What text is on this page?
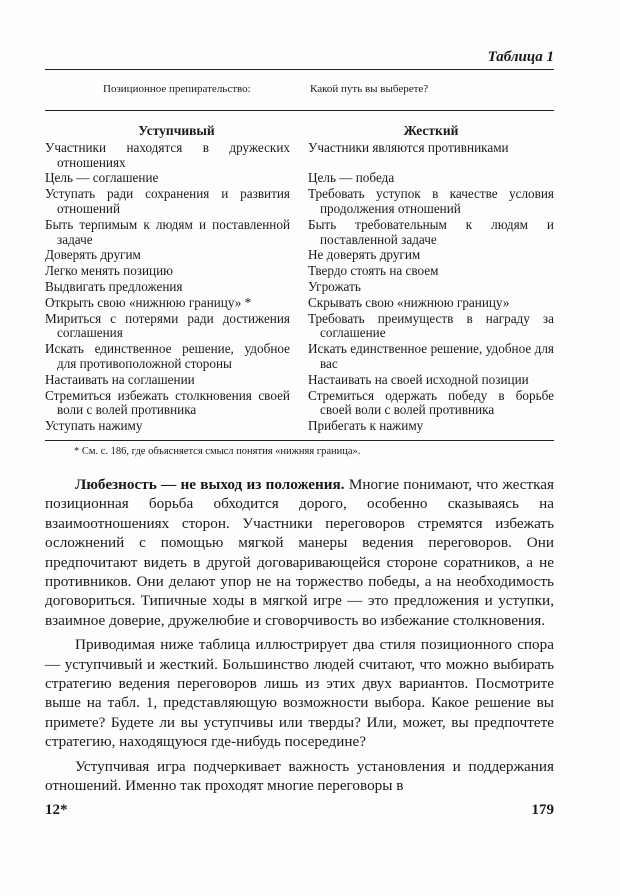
Таблица 1
Позиционное препирательство:	Какой путь вы выберете?
Уступчивый	Жесткий

Участники находятся в дружеских отношениях	Участники являются противниками

Цель — соглашение	Цель — победа

Уступать ради сохранения и развития отношений	Требовать уступок в качестве условия продолжения отношений

Быть терпимым к людям и поставленной задаче	Быть требовательным к людям и поставленной задаче

Доверять другим	Не доверять другим

Легко менять позицию	Твердо стоять на своем

Выдвигать предложения	Угрожать

Открыть свою «нижнюю границу» *	Скрывать свою «нижнюю границу»

Мириться с потерями ради достижения соглашения	Требовать преимуществ в награду за соглашение

Искать единственное решение, удобное для противоположной стороны	Искать единственное решение, удобное для вас

Настаивать на соглашении	Настаивать на своей исходной позиции

Стремиться избежать столкновения своей воли с волей противника	Стремиться одержать победу в борьбе своей воли с волей противника

Уступать нажиму	Прибегать к нажиму
* См. с. 186, где объясняется смысл понятия «нижняя граница».

Любезность — не выход из положения. Многие понимают, что жесткая позиционная борьба обходится дорого, особенно сказываясь на взаимоотношениях сторон. Участники переговоров стремятся избежать осложнений с помощью мягкой манеры ведения переговоров. Они предпочитают видеть в другой договаривающейся стороне соратников, а не противников. Они делают упор не на торжество победы, а на необходимость договориться. Типичные ходы в мягкой игре — это предложения и уступки, взаимное доверие, дружелюбие и сговорчивость во избежание столкновения.

Приводимая ниже таблица иллюстрирует два стиля позиционного спора — уступчивый и жесткий. Большинство людей считают, что можно выбирать стратегию ведения переговоров лишь из этих двух вариантов. Посмотрите выше на табл. 1, представляющую возможности выбора. Какое решение вы примете? Будете ли вы уступчивы или тверды? Или, может, вы предпочтете стратегию, находящуюся где-нибудь посередине?

Уступчивая игра подчеркивает важность установления и поддержания отношений. Именно так проходят многие переговоры в

12*	179
